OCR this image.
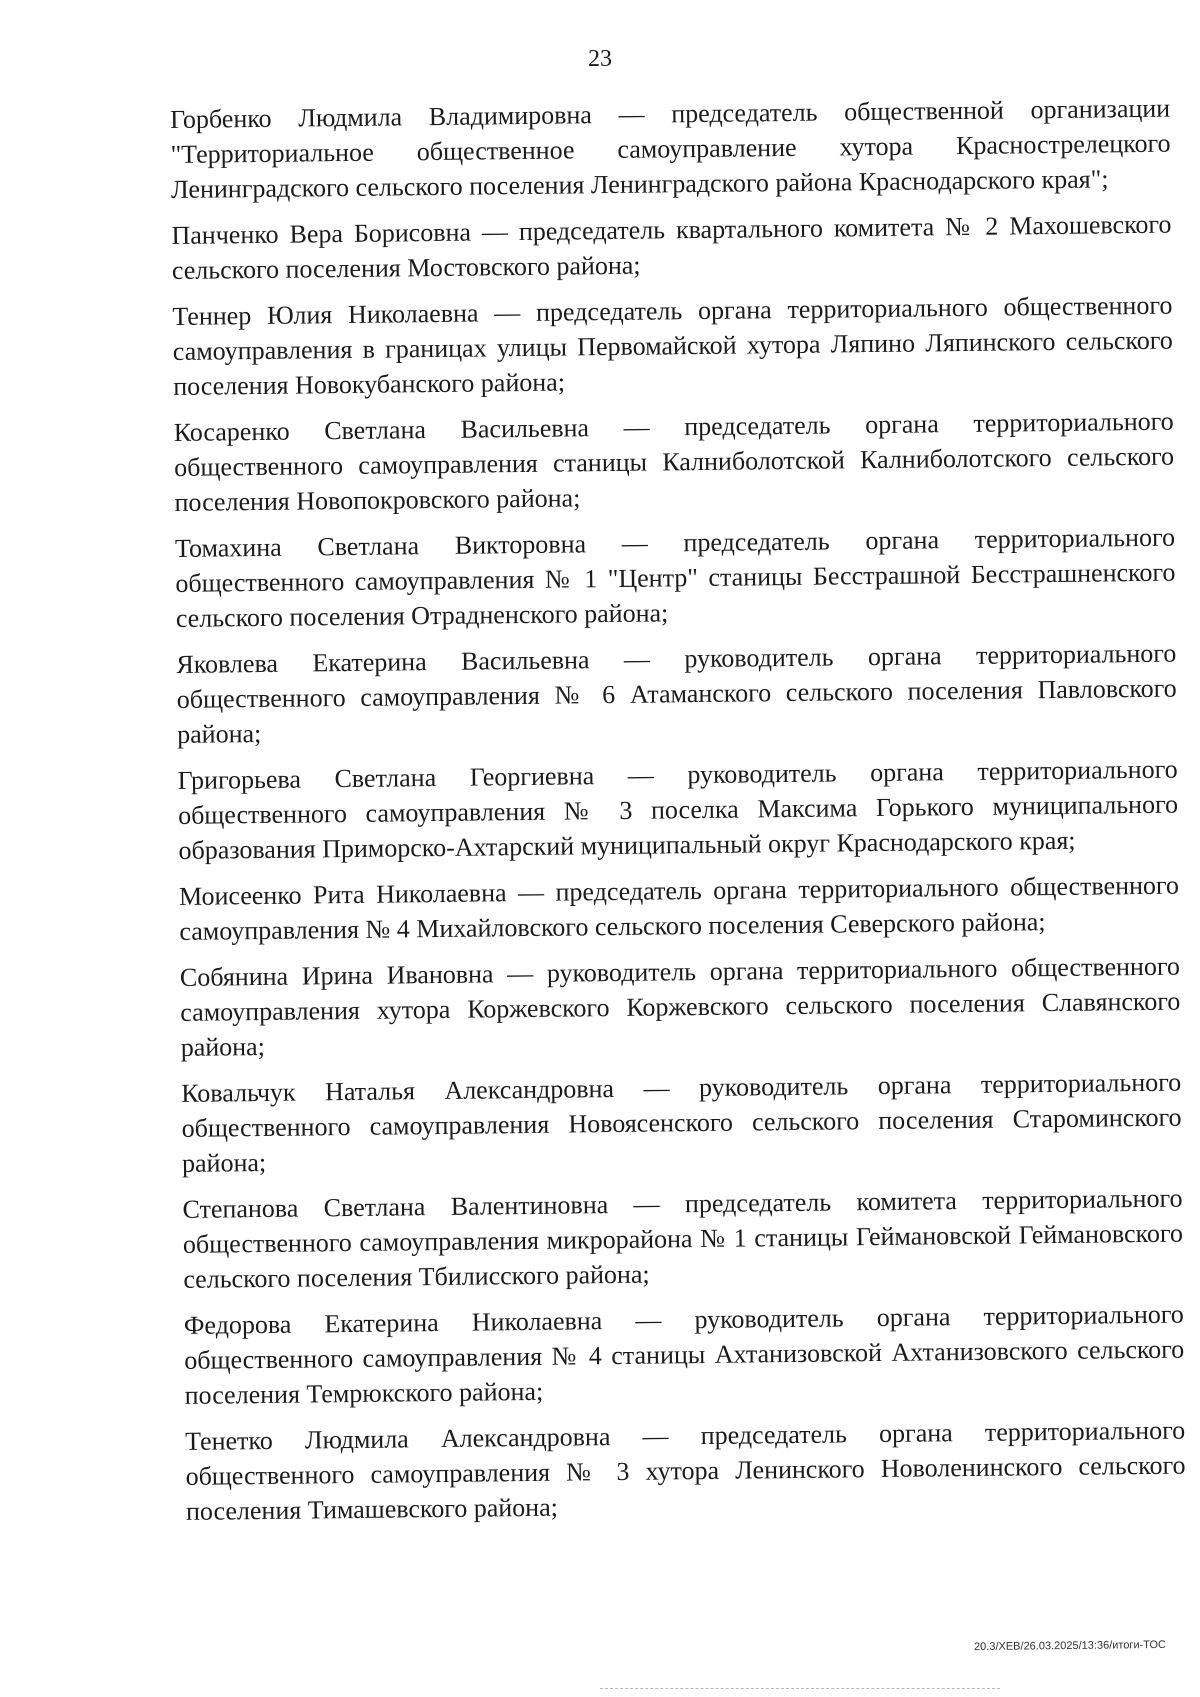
23

Горбенко Людмила Владимировна — председатель общественной организации "Территориальное общественное самоуправление хутора Краснострелецкого Ленинградского сельского поселения Ленинградского района Краснодарского края";

Панченко Вера Борисовна — председатель квартального комитета № 2 Махошевского сельского поселения Мостовского района;

Теннер Юлия Николаевна — председатель органа территориального общественного самоуправления в границах улицы Первомайской хутора Ляпино Ляпинского сельского поселения Новокубанского района;

Косаренко Светлана Васильевна — председатель органа территориального общественного самоуправления станицы Калниболотской Калниболотского сельского поселения Новопокровского района;

Томахина Светлана Викторовна — председатель органа территориального общественного самоуправления № 1 "Центр" станицы Бесстрашной Бесстрашненского сельского поселения Отрадненского района;

Яковлева Екатерина Васильевна — руководитель органа территориального общественного самоуправления № 6 Атаманского сельского поселения Павловского района;

Григорьева Светлана Георгиевна — руководитель органа территориального общественного самоуправления № 3 поселка Максима Горького муниципального образования Приморско-Ахтарский муниципальный округ Краснодарского края;

Моисеенко Рита Николаевна — председатель органа территориального общественного самоуправления № 4 Михайловского сельского поселения Северского района;

Собянина Ирина Ивановна — руководитель органа территориального общественного самоуправления хутора Коржевского Коржевского сельского поселения Славянского района;

Ковальчук Наталья Александровна — руководитель органа территориального общественного самоуправления Новоясенского сельского поселения Староминского района;

Степанова Светлана Валентиновна — председатель комитета территориального общественного самоуправления микрорайона № 1 станицы Геймановской Геймановского сельского поселения Тбилисского района;

Федорова Екатерина Николаевна — руководитель органа территориального общественного самоуправления № 4 станицы Ахтанизовской Ахтанизовского сельского поселения Темрюкского района;

Тенетко Людмила Александровна — председатель органа территориального общественного самоуправления № 3 хутора Ленинского Новоленинского сельского поселения Тимашевского района;

20.3/ХЕВ/26.03.2025/13:36/итоги-ТОС
